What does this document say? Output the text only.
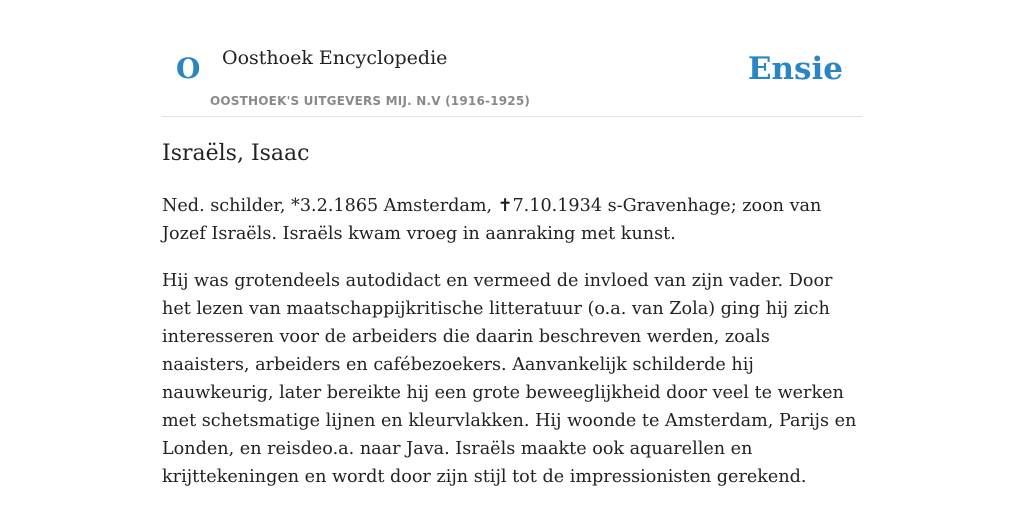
O Oosthoek Encyclopedie
OOSTHOEK'S UITGEVERS MIJ. N.V (1916-1925)
Ensie
Israëls, Isaac

Ned. schilder, *3.2.1865 Amsterdam, ✝7.10.1934 s-Gravenhage; zoon van Jozef Israëls. Israëls kwam vroeg in aanraking met kunst.

Hij was grotendeels autodidact en vermeed de invloed van zijn vader. Door het lezen van maatschappijkritische litteratuur (o.a. van Zola) ging hij zich interesseren voor de arbeiders die daarin beschreven werden, zoals naaisters, arbeiders en cafébezoekers. Aanvankelijk schilderde hij nauwkeurig, later bereikte hij een grote beweeglijkheid door veel te werken met schetsmatige lijnen en kleurvlakken. Hij woonde te Amsterdam, Parijs en Londen, en reisdeo.a. naar Java. Israëls maakte ook aquarellen en krijttekeningen en wordt door zijn stijl tot de impressionisten gerekend.
